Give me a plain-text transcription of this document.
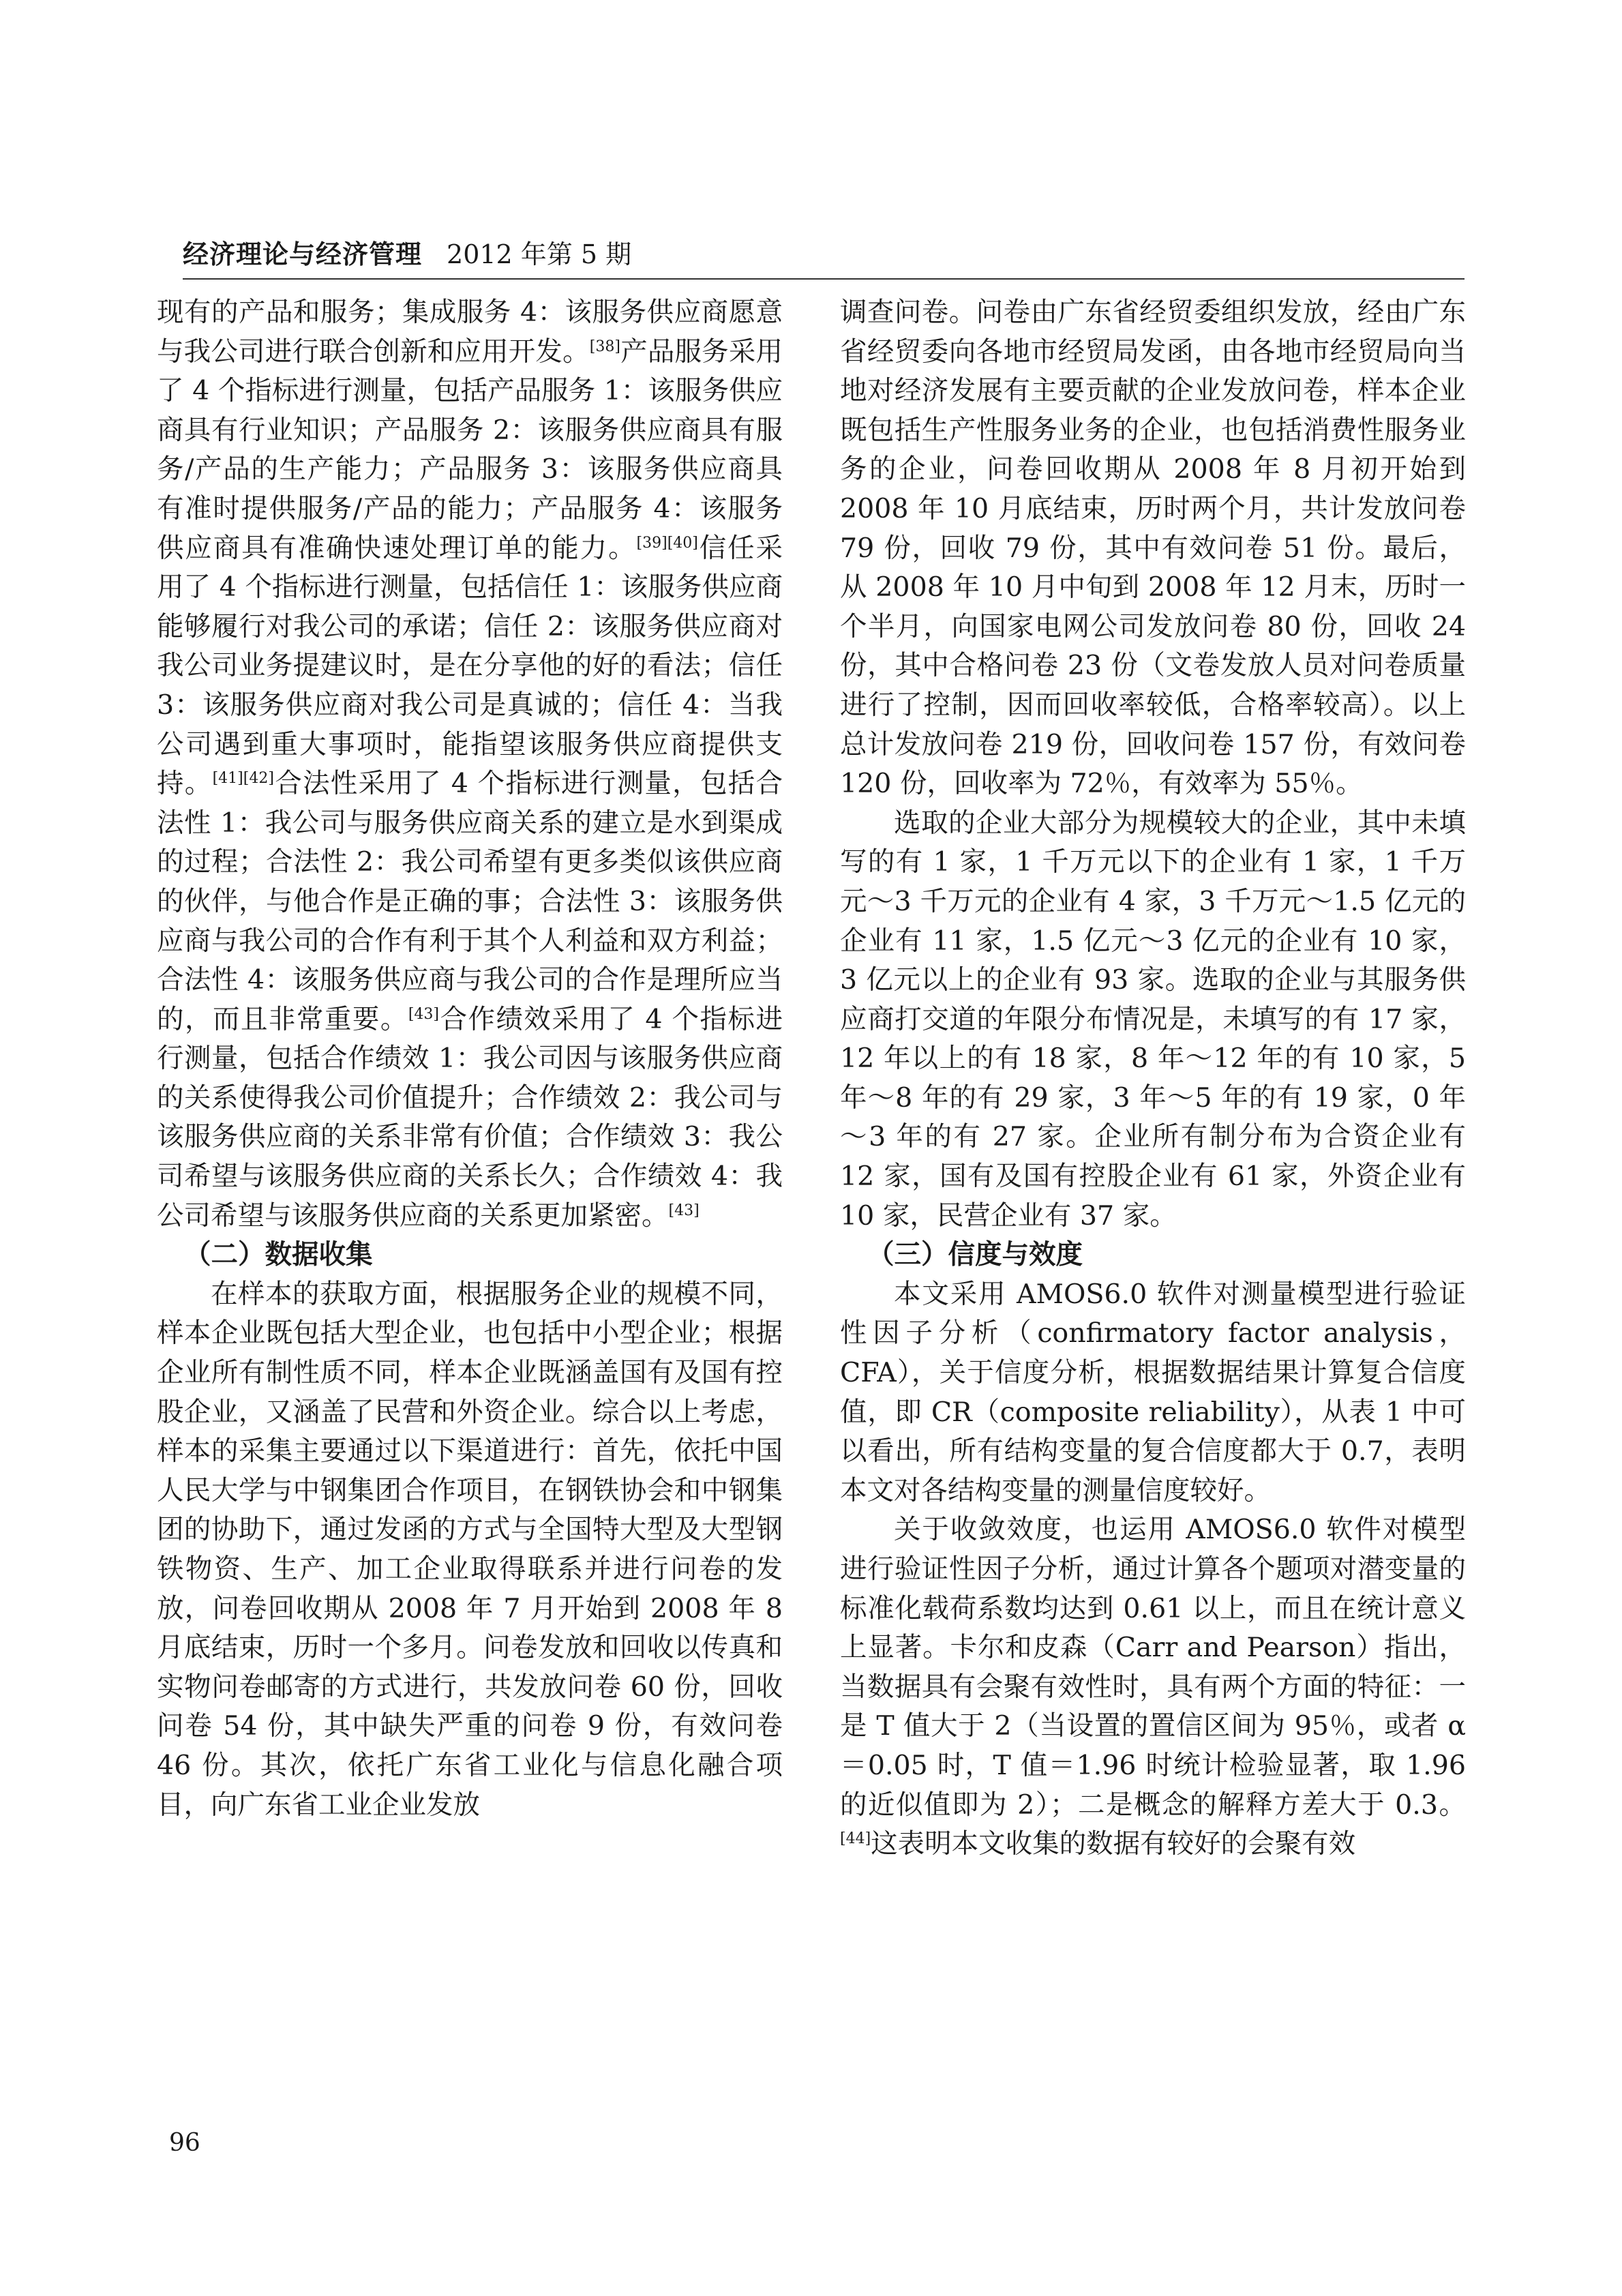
经济理论与经济管理 2012 年第 5 期

现有的产品和服务；集成服务 4：该服务供应商愿意与我公司进行联合创新和应用开发。[38]产品服务采用了 4 个指标进行测量，包括产品服务 1：该服务供应商具有行业知识；产品服务 2：该服务供应商具有服务/产品的生产能力；产品服务 3：该服务供应商具有准时提供服务/产品的能力；产品服务 4：该服务供应商具有准确快速处理订单的能力。[39][40]信任采用了 4 个指标进行测量，包括信任 1：该服务供应商能够履行对我公司的承诺；信任 2：该服务供应商对我公司业务提建议时，是在分享他的好的看法；信任 3：该服务供应商对我公司是真诚的；信任 4：当我公司遇到重大事项时，能指望该服务供应商提供支持。[41][42]合法性采用了 4 个指标进行测量，包括合法性 1：我公司与服务供应商关系的建立是水到渠成的过程；合法性 2：我公司希望有更多类似该供应商的伙伴，与他合作是正确的事；合法性 3：该服务供应商与我公司的合作有利于其个人利益和双方利益；合法性 4：该服务供应商与我公司的合作是理所应当的，而且非常重要。[43]合作绩效采用了 4 个指标进行测量，包括合作绩效 1：我公司因与该服务供应商的关系使得我公司价值提升；合作绩效 2：我公司与该服务供应商的关系非常有价值；合作绩效 3：我公司希望与该服务供应商的关系长久；合作绩效 4：我公司希望与该服务供应商的关系更加紧密。[43]

（二）数据收集

在样本的获取方面，根据服务企业的规模不同，样本企业既包括大型企业，也包括中小型企业；根据企业所有制性质不同，样本企业既涵盖国有及国有控股企业，又涵盖了民营和外资企业。综合以上考虑，样本的采集主要通过以下渠道进行：首先，依托中国人民大学与中钢集团合作项目，在钢铁协会和中钢集团的协助下，通过发函的方式与全国特大型及大型钢铁物资、生产、加工企业取得联系并进行问卷的发放，问卷回收期从 2008 年 7 月开始到 2008 年 8 月底结束，历时一个多月。问卷发放和回收以传真和实物问卷邮寄的方式进行，共发放问卷 60 份，回收问卷 54 份，其中缺失严重的问卷 9 份，有效问卷 46 份。其次，依托广东省工业化与信息化融合项目，向广东省工业企业发放

调查问卷。问卷由广东省经贸委组织发放，经由广东省经贸委向各地市经贸局发函，由各地市经贸局向当地对经济发展有主要贡献的企业发放问卷，样本企业既包括生产性服务业务的企业，也包括消费性服务业务的企业，问卷回收期从 2008 年 8 月初开始到 2008 年 10 月底结束，历时两个月，共计发放问卷 79 份，回收 79 份，其中有效问卷 51 份。最后，从 2008 年 10 月中旬到 2008 年 12 月末，历时一个半月，向国家电网公司发放问卷 80 份，回收 24 份，其中合格问卷 23 份（文卷发放人员对问卷质量进行了控制，因而回收率较低，合格率较高）。以上总计发放问卷 219 份，回收问卷 157 份，有效问卷 120 份，回收率为 72％，有效率为 55％。

选取的企业大部分为规模较大的企业，其中未填写的有 1 家，1 千万元以下的企业有 1 家，1 千万元～3 千万元的企业有 4 家，3 千万元～1.5 亿元的企业有 11 家，1.5 亿元～3 亿元的企业有 10 家，3 亿元以上的企业有 93 家。选取的企业与其服务供应商打交道的年限分布情况是，未填写的有 17 家，12 年以上的有 18 家，8 年～12 年的有 10 家，5 年～8 年的有 29 家，3 年～5 年的有 19 家，0 年～3 年的有 27 家。企业所有制分布为合资企业有 12 家，国有及国有控股企业有 61 家，外资企业有 10 家，民营企业有 37 家。

（三）信度与效度

本文采用 AMOS6.0 软件对测量模型进行验证性因子分析（confirmatory factor analysis，CFA），关于信度分析，根据数据结果计算复合信度值，即 CR（composite reliability），从表 1 中可以看出，所有结构变量的复合信度都大于 0.7，表明本文对各结构变量的测量信度较好。

关于收敛效度，也运用 AMOS6.0 软件对模型进行验证性因子分析，通过计算各个题项对潜变量的标准化载荷系数均达到 0.61 以上，而且在统计意义上显著。卡尔和皮森（Carr and Pearson）指出，当数据具有会聚有效性时，具有两个方面的特征：一是 T 值大于 2（当设置的置信区间为 95％，或者 α＝0.05 时，T 值＝1.96 时统计检验显著，取 1.96 的近似值即为 2）；二是概念的解释方差大于 0.3。[44]这表明本文收集的数据有较好的会聚有效

96
